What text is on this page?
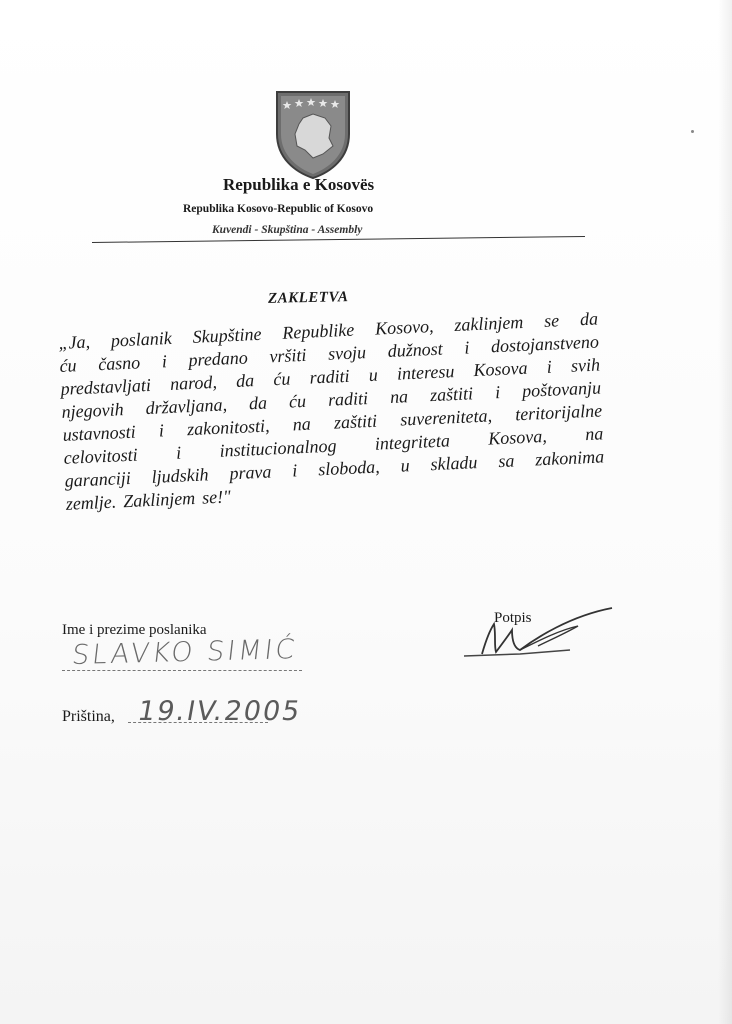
Republika e Kosovës
Republika Kosovo-Republic of Kosovo
Kuvendi - Skupština - Assembly
ZAKLETVA
„Ja, poslanik Skupštine Republike Kosovo, zaklinjem se da
ću časno i predano vršiti svoju dužnost i dostojanstveno
predstavljati narod, da ću raditi u interesu Kosova i svih
njegovih državljana, da ću raditi na zaštiti i poštovanju
ustavnosti i zakonitosti, na zaštiti suvereniteta, teritorijalne
celovitosti i institucionalnog integriteta Kosova, na
garanciji ljudskih prava i sloboda, u skladu sa zakonima
zemlje. Zaklinjem se!"
Ime i prezime poslanika
SLAVKO SIMIĆ
Potpis
Priština, 19.IV.2005
